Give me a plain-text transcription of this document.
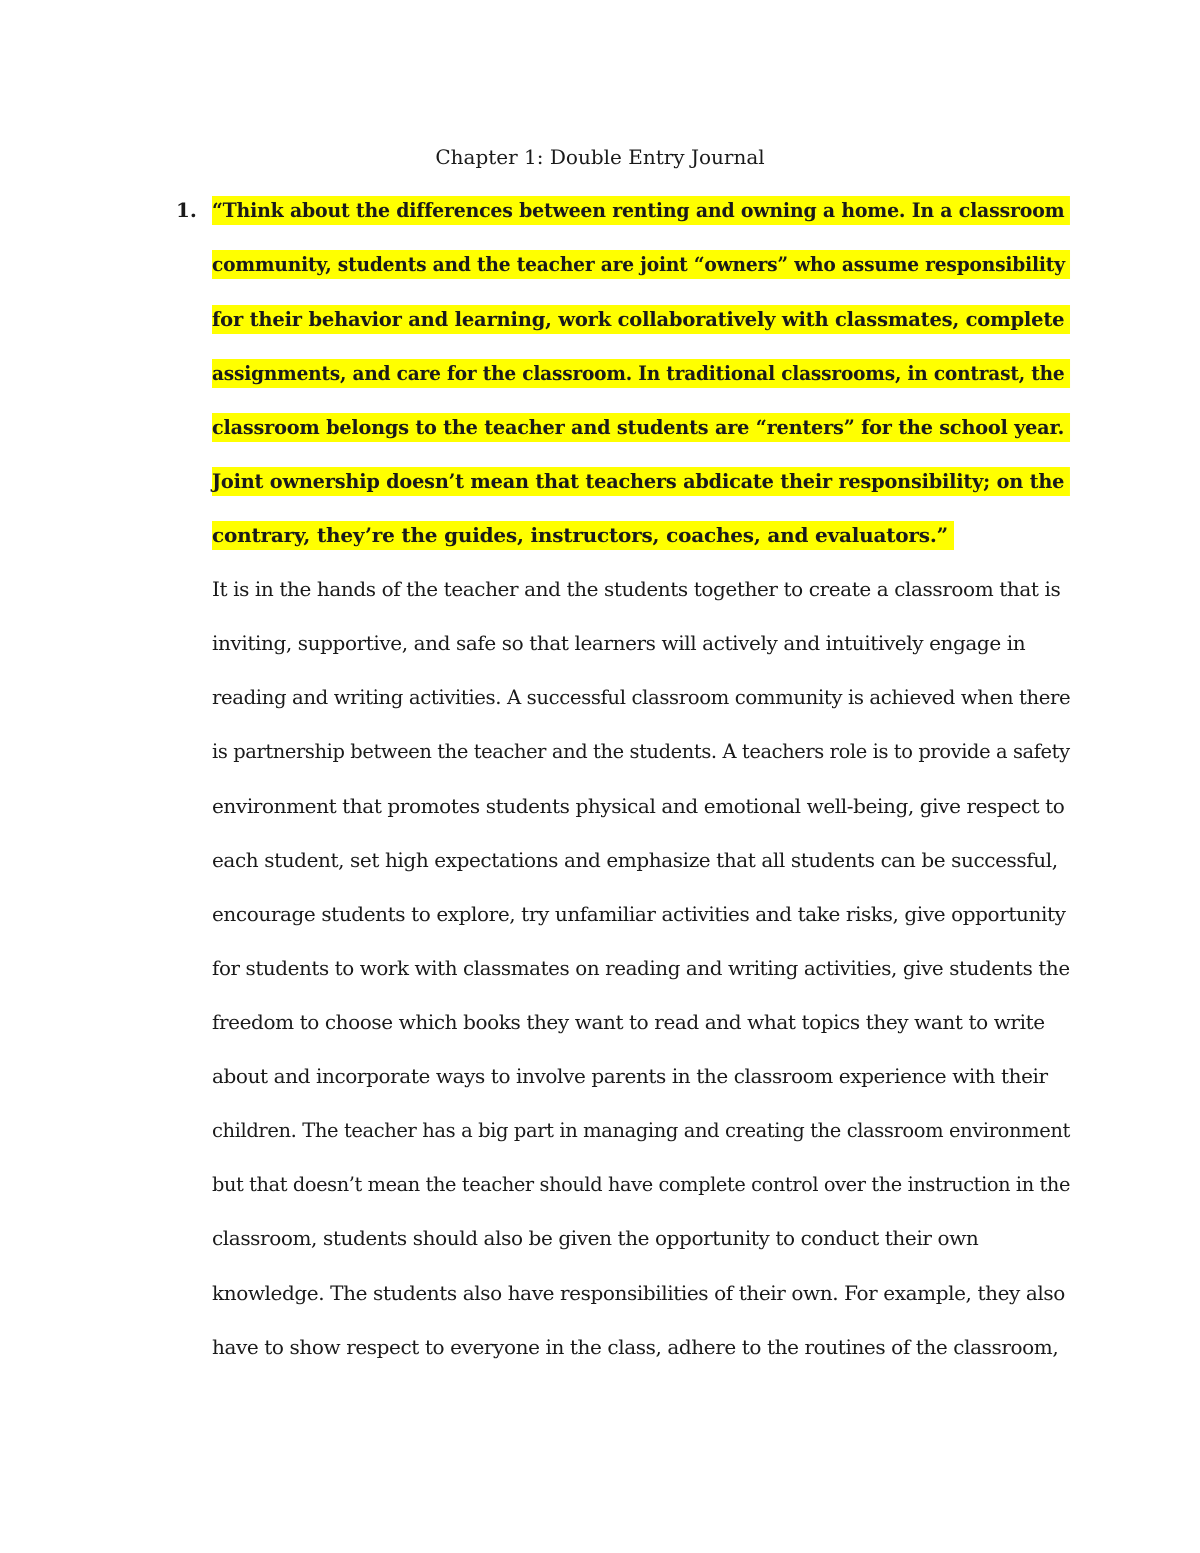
Chapter 1: Double Entry Journal
1. “Think about the differences between renting and owning a home. In a classroom
community, students and the teacher are joint “owners” who assume responsibility
for their behavior and learning, work collaboratively with classmates, complete
assignments, and care for the classroom. In traditional classrooms, in contrast, the
classroom belongs to the teacher and students are “renters” for the school year.
Joint ownership doesn’t mean that teachers abdicate their responsibility; on the
contrary, they’re the guides, instructors, coaches, and evaluators.”
It is in the hands of the teacher and the students together to create a classroom that is
inviting, supportive, and safe so that learners will actively and intuitively engage in
reading and writing activities. A successful classroom community is achieved when there
is partnership between the teacher and the students. A teachers role is to provide a safety
environment that promotes students physical and emotional well-being, give respect to
each student, set high expectations and emphasize that all students can be successful,
encourage students to explore, try unfamiliar activities and take risks, give opportunity
for students to work with classmates on reading and writing activities, give students the
freedom to choose which books they want to read and what topics they want to write
about and incorporate ways to involve parents in the classroom experience with their
children. The teacher has a big part in managing and creating the classroom environment
but that doesn’t mean the teacher should have complete control over the instruction in the
classroom, students should also be given the opportunity to conduct their own
knowledge. The students also have responsibilities of their own. For example, they also
have to show respect to everyone in the class, adhere to the routines of the classroom,
